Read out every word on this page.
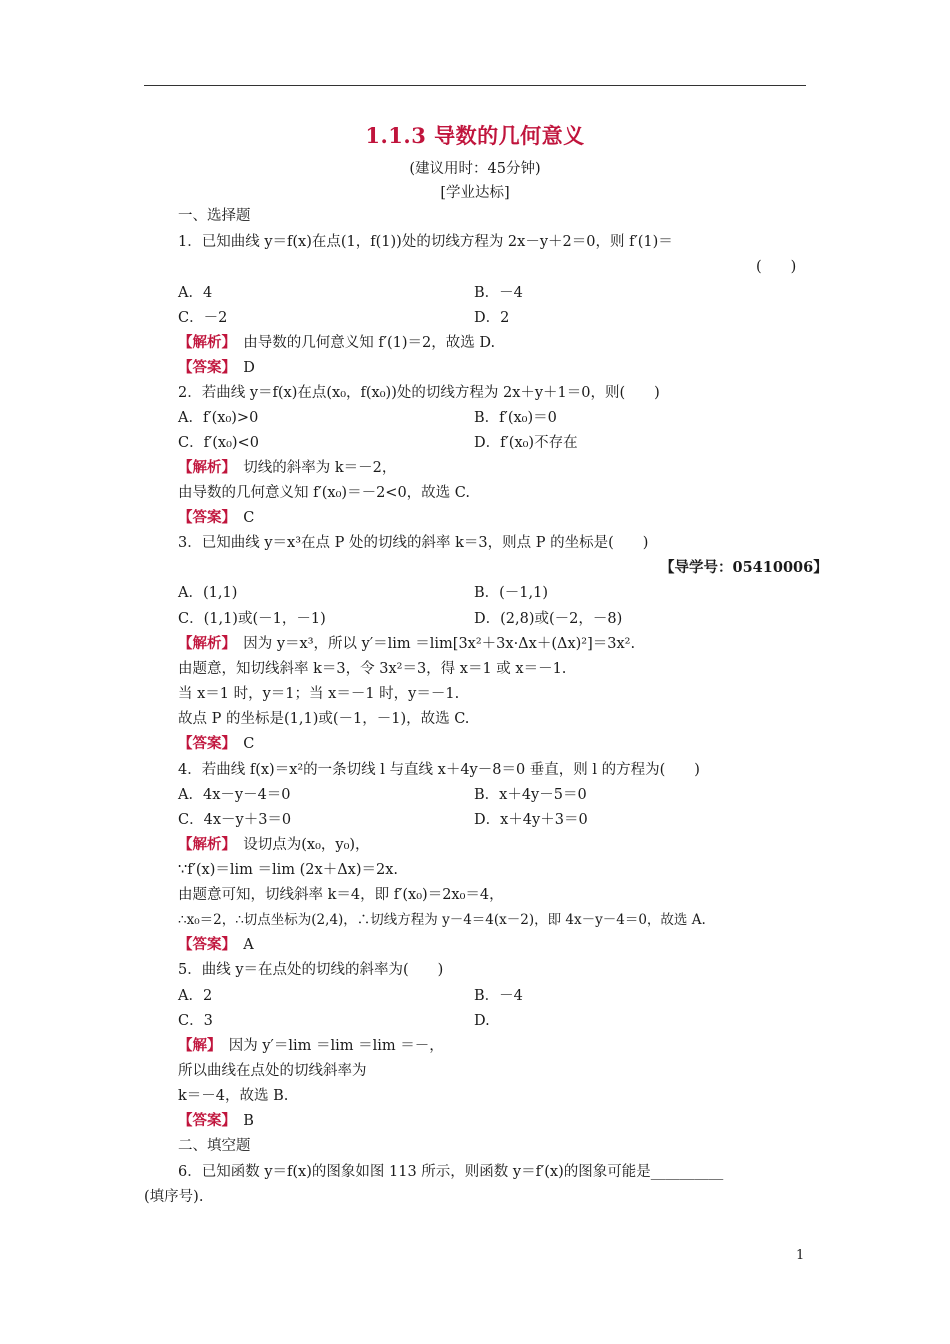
1.1.3 导数的几何意义
(建议用时：45分钟)
[学业达标]
一、选择题
1．已知曲线 y＝f(x)在点(1，f(1))处的切线方程为 2x－y＋2＝0，则 f′(1)＝
(　　)
A．4	B．－4
C．－2	D．2
【解析】　 由导数的几何意义知 f′(1)＝2，故选 D.
【答案】　 D
2．若曲线 y＝f(x)在点(x₀，f(x₀))处的切线方程为 2x＋y＋1＝0，则(　　)
A．f′(x₀)>0	B．f′(x₀)＝0
C．f′(x₀)<0	D．f′(x₀)不存在
【解析】　 切线的斜率为 k＝－2，
由导数的几何意义知 f′(x₀)＝－2<0，故选 C.
【答案】　 C
3．已知曲线 y＝x³在点 P 处的切线的斜率 k＝3，则点 P 的坐标是(　　)
【导学号：05410006】
A．(1,1)	B．(－1,1)
C．(1,1)或(－1，－1)	D．(2,8)或(－2，－8)
【解析】　 因为 y＝x³，所以 y′＝lim ＝lim[3x²＋3x·Δx＋(Δx)²]＝3x².
由题意，知切线斜率 k＝3，令 3x²＝3，得 x＝1 或 x＝－1.
当 x＝1 时，y＝1；当 x＝－1 时，y＝－1.
故点 P 的坐标是(1,1)或(－1，－1)，故选 C.
【答案】　 C
4．若曲线 f(x)＝x²的一条切线 l 与直线 x＋4y－8＝0 垂直，则 l 的方程为(　　)
A．4x－y－4＝0	B．x＋4y－5＝0
C．4x－y＋3＝0	D．x＋4y＋3＝0
【解析】　 设切点为(x₀，y₀)，
∵f′(x)＝lim ＝lim (2x＋Δx)＝2x.
由题意可知，切线斜率 k＝4，即 f′(x₀)＝2x₀＝4，
∴x₀＝2，∴切点坐标为(2,4)，∴切线方程为 y－4＝4(x－2)，即 4x－y－4＝0，故选 A.
【答案】　 A
5．曲线 y＝在点处的切线的斜率为(　　)
A．2	B．－4
C．3	D.
【解】　 因为 y′＝lim ＝lim ＝lim ＝－，
所以曲线在点处的切线斜率为
k＝－4，故选 B.
【答案】　 B
二、填空题
6．已知函数 y＝f(x)的图象如图 113 所示，则函数 y＝f′(x)的图象可能是__________
(填序号).
1
